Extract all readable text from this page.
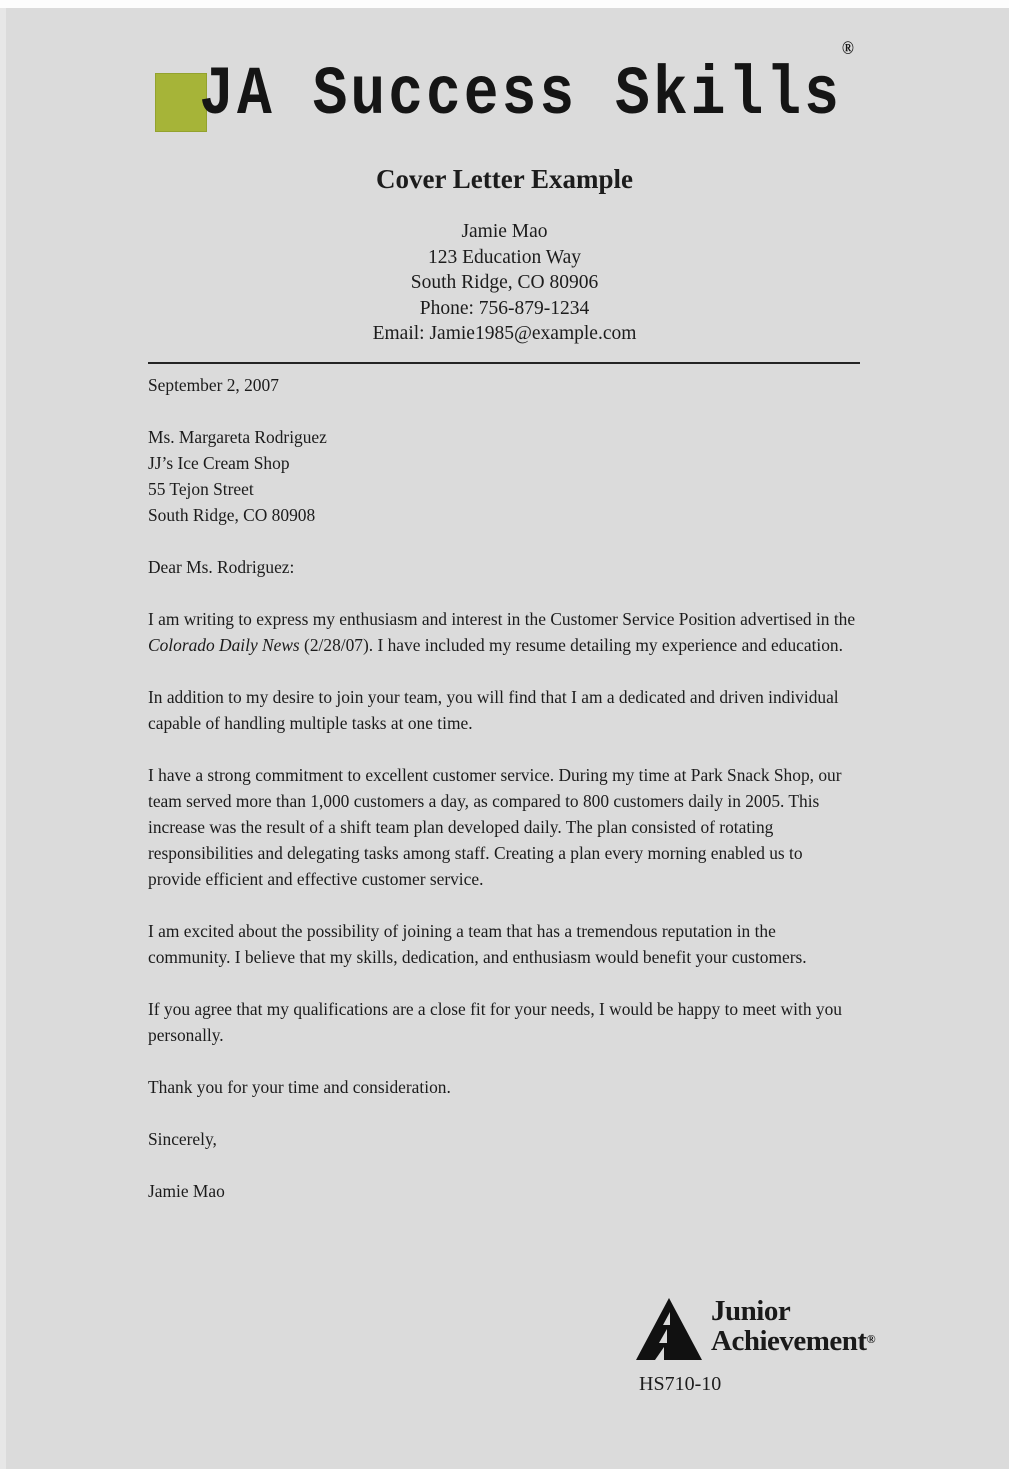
JA Success Skills®
Cover Letter Example
Jamie Mao
123 Education Way
South Ridge, CO 80906
Phone: 756-879-1234
Email: Jamie1985@example.com
September 2, 2007
Ms. Margareta Rodriguez
JJ’s Ice Cream Shop
55 Tejon Street
South Ridge, CO 80908
Dear Ms. Rodriguez:

I am writing to express my enthusiasm and interest in the Customer Service Position advertised in the Colorado Daily News (2/28/07). I have included my resume detailing my experience and education.

In addition to my desire to join your team, you will find that I am a dedicated and driven individual capable of handling multiple tasks at one time.

I have a strong commitment to excellent customer service. During my time at Park Snack Shop, our team served more than 1,000 customers a day, as compared to 800 customers daily in 2005. This increase was the result of a shift team plan developed daily. The plan consisted of rotating responsibilities and delegating tasks among staff. Creating a plan every morning enabled us to provide efficient and effective customer service.

I am excited about the possibility of joining a team that has a tremendous reputation in the community. I believe that my skills, dedication, and enthusiasm would benefit your customers.

If you agree that my qualifications are a close fit for your needs, I would be happy to meet with you personally.

Thank you for your time and consideration.

Sincerely,
Jamie Mao
Junior
Achievement®
HS710-10
